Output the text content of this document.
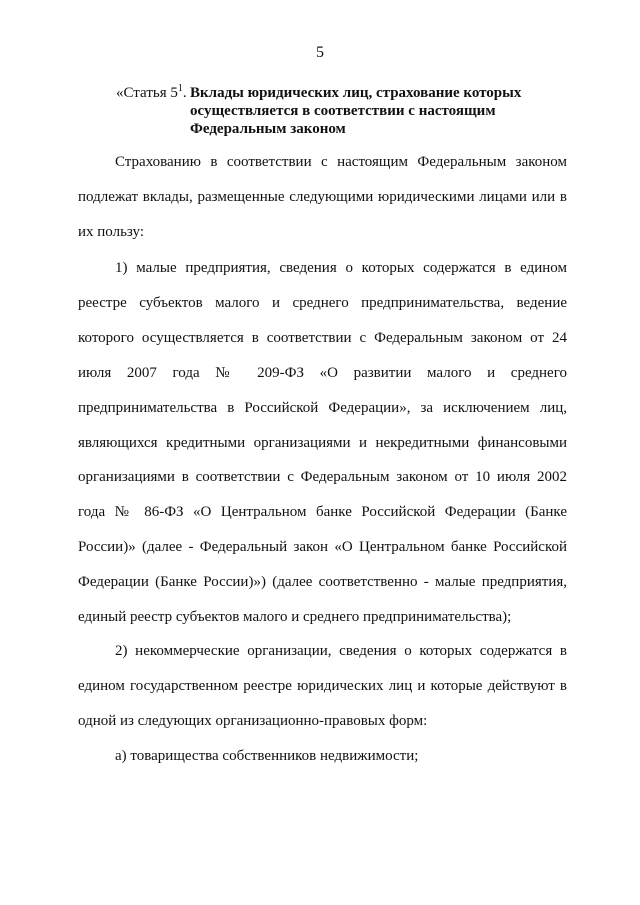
5
«Статья $5^1$. Вклады юридических лиц, страхование которых
осуществляется в соответствии с настоящим
Федеральным законом

Страхованию в соответствии с настоящим Федеральным законом подлежат вклады, размещенные следующими юридическими лицами или в их пользу:

1) малые предприятия, сведения о которых содержатся в едином реестре субъектов малого и среднего предпринимательства, ведение которого осуществляется в соответствии с Федеральным законом от 24 июля 2007 года № 209-ФЗ «О развитии малого и среднего предпринимательства в Российской Федерации», за исключением лиц, являющихся кредитными организациями и некредитными финансовыми организациями в соответствии с Федеральным законом от 10 июля 2002 года № 86-ФЗ «О Центральном банке Российской Федерации (Банке России)» (далее - Федеральный закон «О Центральном банке Российской Федерации (Банке России)») (далее соответственно - малые предприятия, единый реестр субъектов малого и среднего предпринимательства);

2) некоммерческие организации, сведения о которых содержатся в едином государственном реестре юридических лиц и которые действуют в одной из следующих организационно-правовых форм:

а) товарищества собственников недвижимости;
